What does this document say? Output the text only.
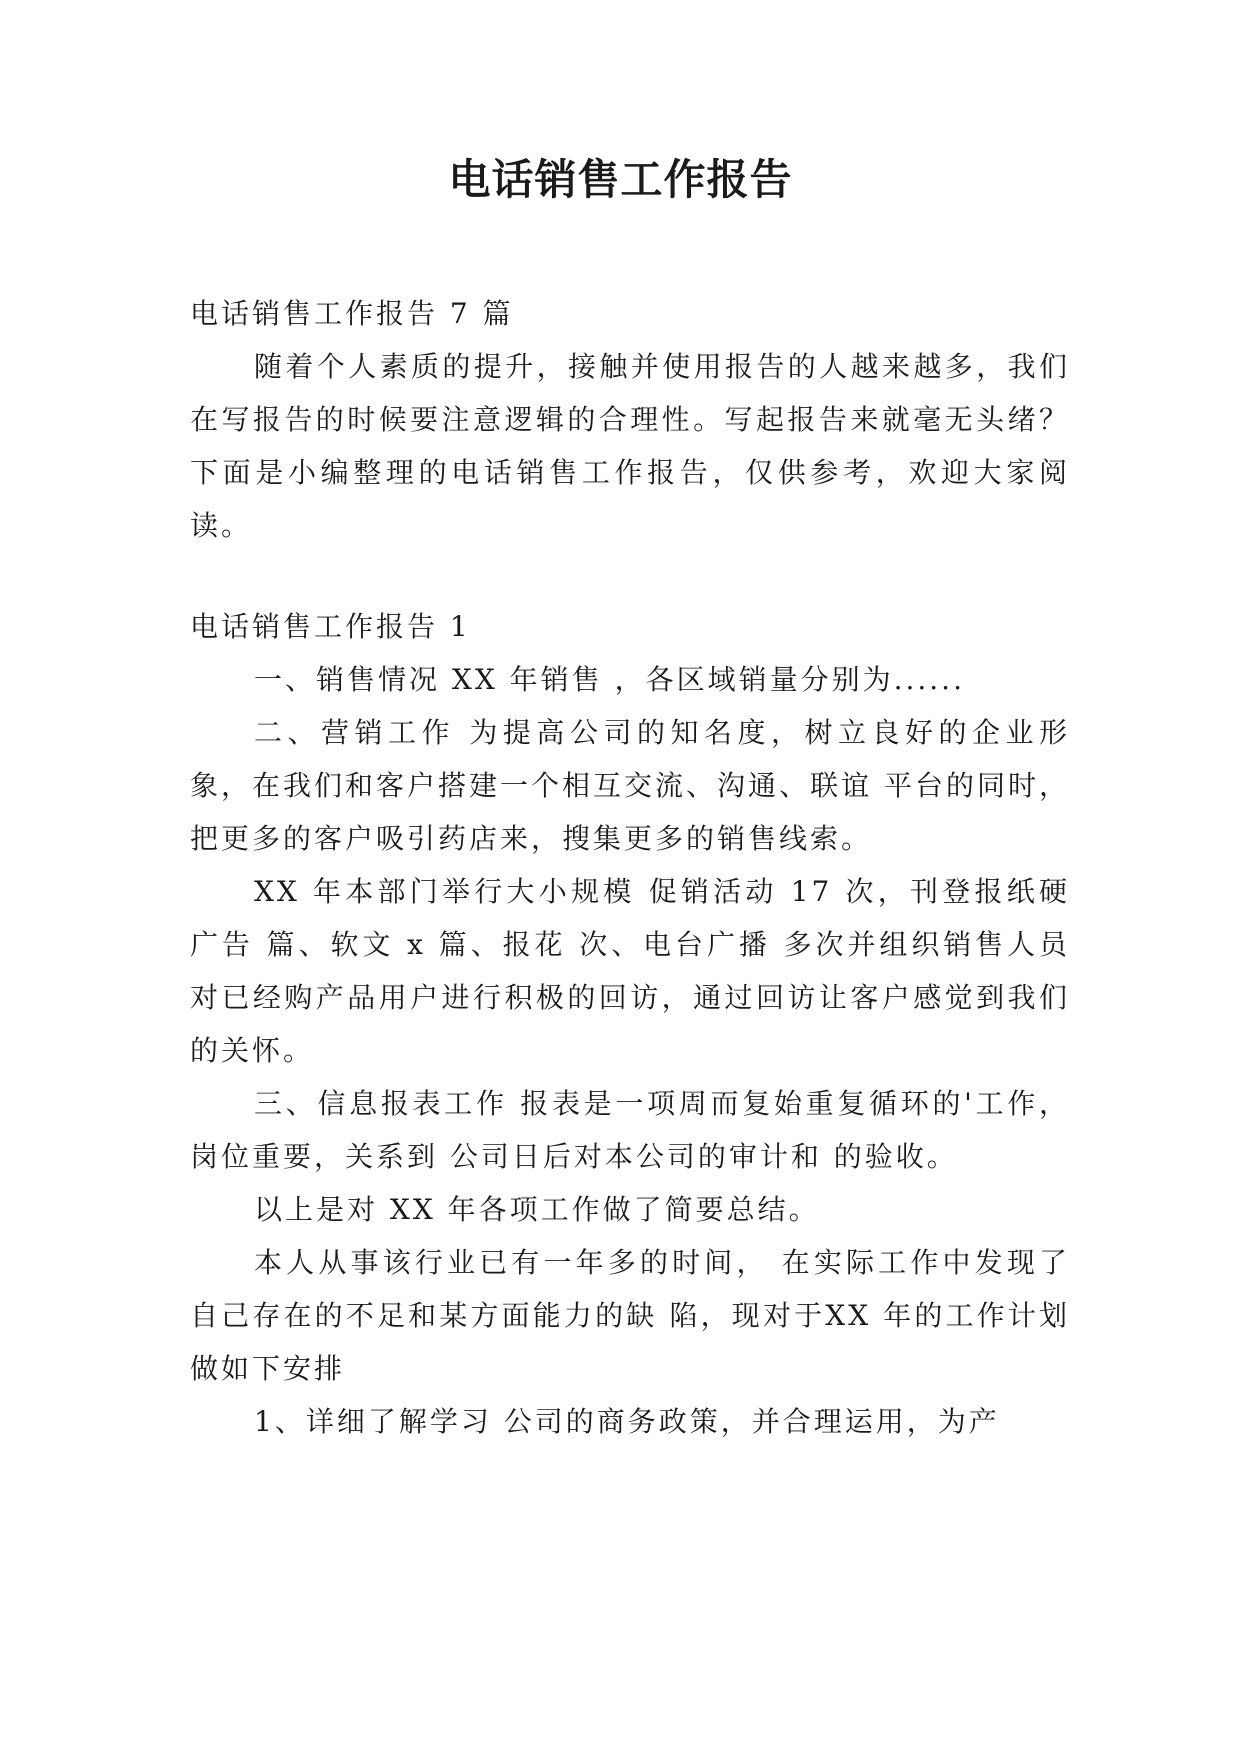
电话销售工作报告

电话销售工作报告 7 篇

随着个人素质的提升，接触并使用报告的人越来越多，我们在写报告的时候要注意逻辑的合理性。写起报告来就毫无头绪？下面是小编整理的电话销售工作报告，仅供参考，欢迎大家阅读。

电话销售工作报告 1

一、销售情况 XX 年销售 ，各区域销量分别为......

二、营销工作 为提高公司的知名度，树立良好的企业形象，在我们和客户搭建一个相互交流、沟通、联谊 平台的同时，把更多的客户吸引药店来，搜集更多的销售线索。

XX 年本部门举行大小规模 促销活动 17 次，刊登报纸硬广告 篇、软文 x 篇、报花 次、电台广播 多次并组织销售人员对已经购产品用户进行积极的回访，通过回访让客户感觉到我们的关怀。

三、信息报表工作 报表是一项周而复始重复循环的'工作，岗位重要，关系到 公司日后对本公司的审计和 的验收。

以上是对 XX 年各项工作做了简要总结。

本人从事该行业已有一年多的时间， 在实际工作中发现了自己存在的不足和某方面能力的缺 陷，现对于XX 年的工作计划做如下安排

1、详细了解学习 公司的商务政策，并合理运用，为产
